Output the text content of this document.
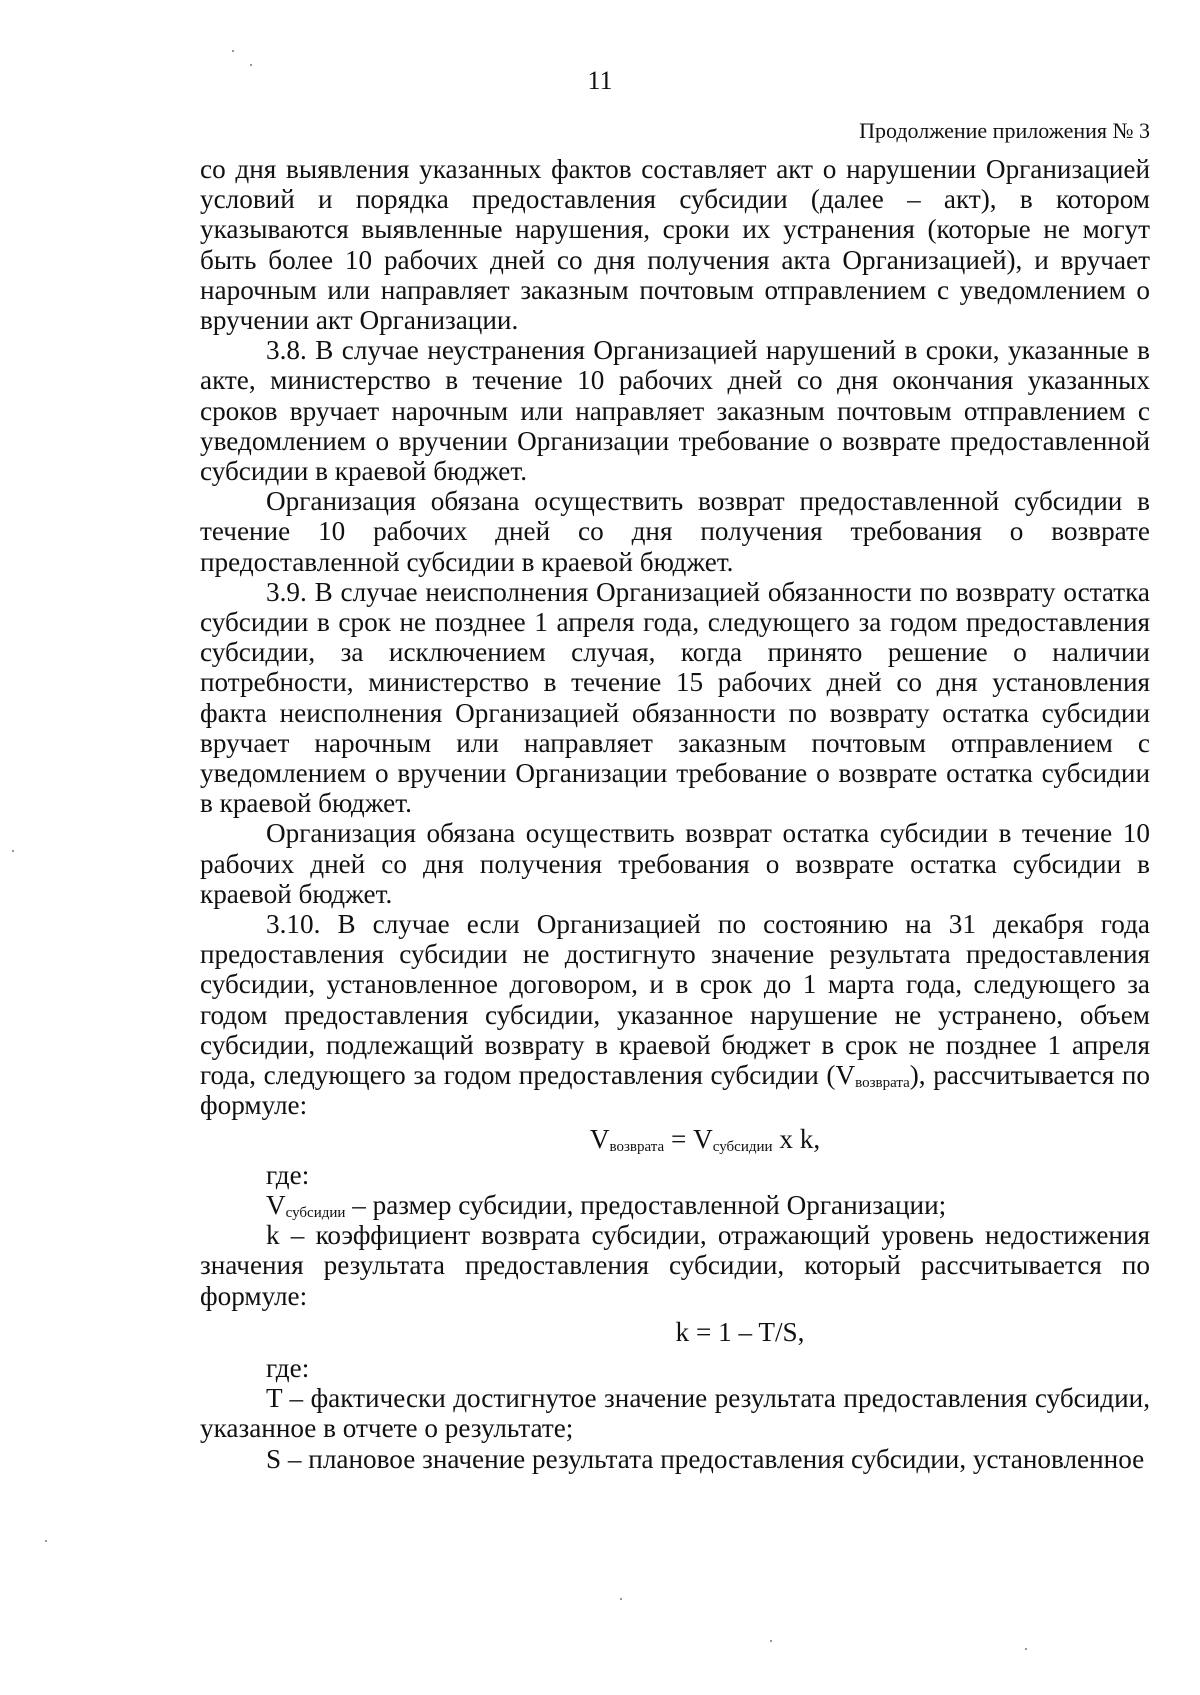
11
Продолжение приложения № 3

со дня выявления указанных фактов составляет акт о нарушении Организацией условий и порядка предоставления субсидии (далее – акт), в котором указываются выявленные нарушения, сроки их устранения (которые не могут быть более 10 рабочих дней со дня получения акта Организацией), и вручает нарочным или направляет заказным почтовым отправлением с уведомлением о вручении акт Организации.

3.8. В случае неустранения Организацией нарушений в сроки, указанные в акте, министерство в течение 10 рабочих дней со дня окончания указанных сроков вручает нарочным или направляет заказным почтовым отправлением с уведомлением о вручении Организации требование о возврате предоставленной субсидии в краевой бюджет.

Организация обязана осуществить возврат предоставленной субсидии в течение 10 рабочих дней со дня получения требования о возврате предоставленной субсидии в краевой бюджет.

3.9. В случае неисполнения Организацией обязанности по возврату остатка субсидии в срок не позднее 1 апреля года, следующего за годом предоставления субсидии, за исключением случая, когда принято решение о наличии потребности, министерство в течение 15 рабочих дней со дня установления факта неисполнения Организацией обязанности по возврату остатка субсидии вручает нарочным или направляет заказным почтовым отправлением с уведомлением о вручении Организации требование о возврате остатка субсидии в краевой бюджет.

Организация обязана осуществить возврат остатка субсидии в течение 10 рабочих дней со дня получения требования о возврате остатка субсидии в краевой бюджет.

3.10. В случае если Организацией по состоянию на 31 декабря года предоставления субсидии не достигнуто значение результата предоставления субсидии, установленное договором, и в срок до 1 марта года, следующего за годом предоставления субсидии, указанное нарушение не устранено, объем субсидии, подлежащий возврату в краевой бюджет в срок не позднее 1 апреля года, следующего за годом предоставления субсидии $(V_{возврата})$, рассчитывается по формуле:

$V_{возврата} = V_{субсидии}$ x k,

где:

$V_{субсидии}$ – размер субсидии, предоставленной Организации;

k – коэффициент возврата субсидии, отражающий уровень недостижения значения результата предоставления субсидии, который рассчитывается по формуле:

k = 1 – T/S,

где:

T – фактически достигнутое значение результата предоставления субсидии, указанное в отчете о результате;

S – плановое значение результата предоставления субсидии, установленное
